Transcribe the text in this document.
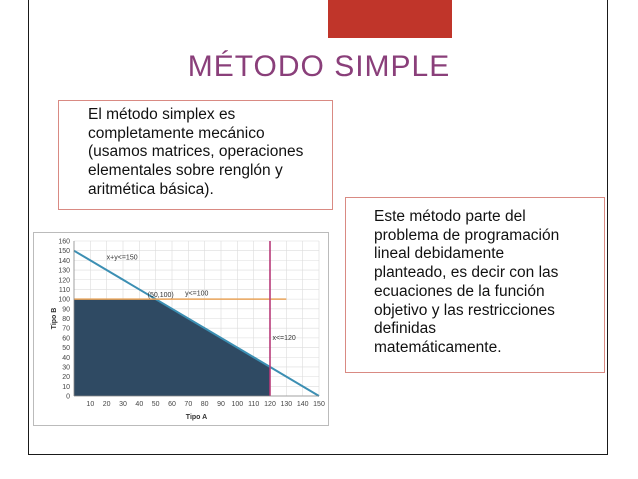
MÉTODO SIMPLE
El método simplex es
completamente mecánico
(usamos matrices, operaciones
elementales sobre renglón y
aritmética básica).
Este método parte del
problema de programación
lineal debidamente
planteado, es decir con las
ecuaciones de la función
objetivo y las restricciones
definidas
matemáticamente.
0
10
20
30
40
50
60
70
80
90
100
110
120
130
140
150
160
10 20 30 40 50 60 70 80 90 100 110 120 130 140 150
Tipo A
Tipo B
x+y<=150
y<=100
x<=120
(50,100)
